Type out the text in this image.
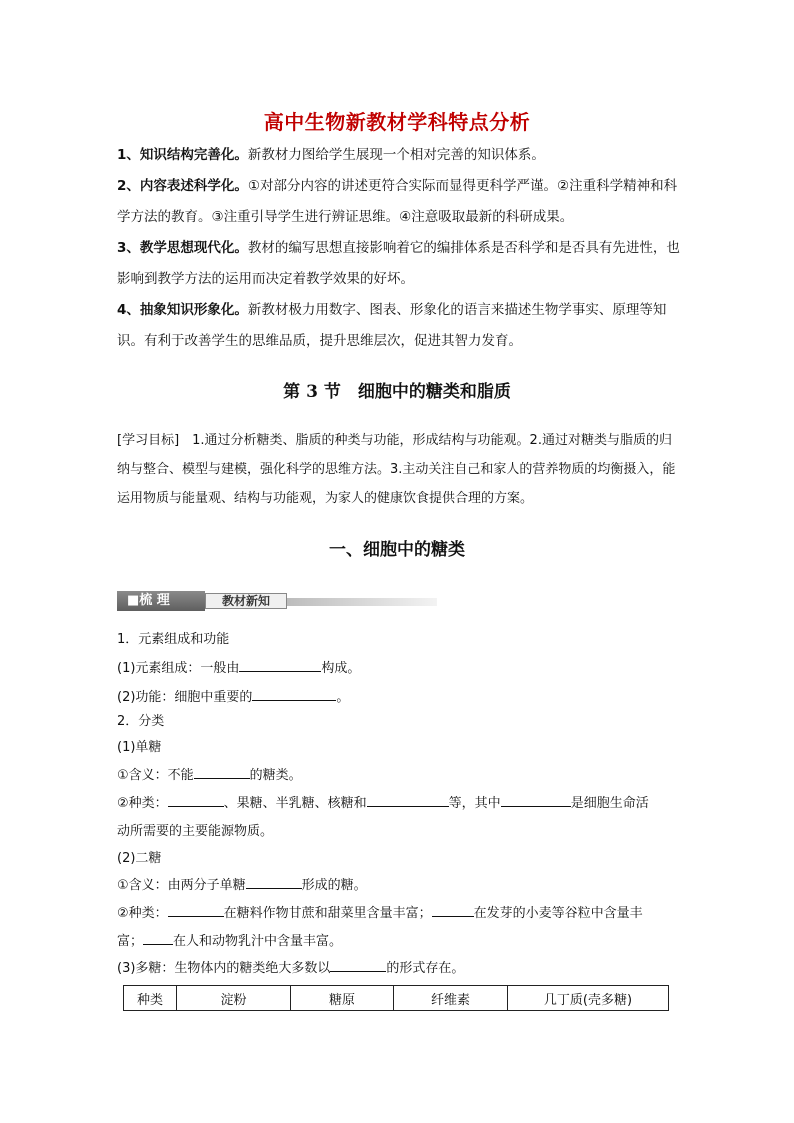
高中生物新教材学科特点分析
1、知识结构完善化。新教材力图给学生展现一个相对完善的知识体系。
2、内容表述科学化。①对部分内容的讲述更符合实际而显得更科学严谨。②注重科学精神和科学方法的教育。③注重引导学生进行辨证思维。④注意吸取最新的科研成果。
3、教学思想现代化。教材的编写思想直接影响着它的编排体系是否科学和是否具有先进性，也影响到教学方法的运用而决定着教学效果的好坏。
4、抽象知识形象化。新教材极力用数字、图表、形象化的语言来描述生物学事实、原理等知识。有利于改善学生的思维品质，提升思维层次，促进其智力发育。
第 3 节　细胞中的糖类和脂质
[学习目标]　1.通过分析糖类、脂质的种类与功能，形成结构与功能观。2.通过对糖类与脂质的归纳与整合、模型与建模，强化科学的思维方法。3.主动关注自己和家人的营养物质的均衡摄入，能运用物质与能量观、结构与功能观，为家人的健康饮食提供合理的方案。
一、细胞中的糖类
■梳 理	教材新知
1．元素组成和功能
(1)元素组成：一般由	构成。
(2)功能：细胞中重要的	。
2．分类
(1)单糖
①含义：不能	的糖类。
②种类：	、果糖、半乳糖、核糖和	等，其中	是细胞生命活
动所需要的主要能源物质。
(2)二糖
①含义：由两分子单糖	形成的糖。
②种类：	在糖料作物甘蔗和甜菜里含量丰富；	在发芽的小麦等谷粒中含量丰
富； 在人和动物乳汁中含量丰富。
(3)多糖：生物体内的糖类绝大多数以	的形式存在。
种类	淀粉	糖原	纤维素	几丁质(壳多糖)
